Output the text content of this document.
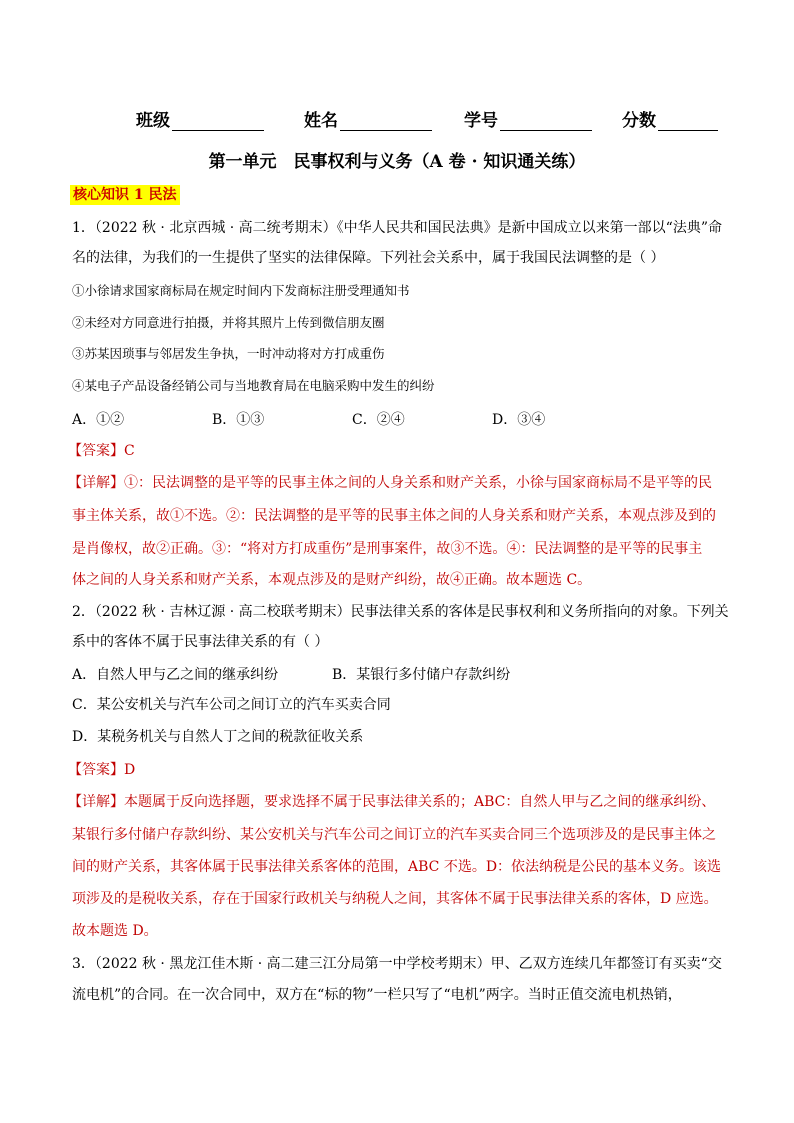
班级	姓名	学号	分数
第一单元　民事权利与义务（A 卷 · 知识通关练）
核心知识 1 民法
1．（2022 秋 · 北京西城 · 高二统考期末）《中华人民共和国民法典》是新中国成立以来第一部以“法典”命
名的法律，为我们的一生提供了坚实的法律保障。下列社会关系中，属于我国民法调整的是（ ）
①小徐请求国家商标局在规定时间内下发商标注册受理通知书
②未经对方同意进行拍摄，并将其照片上传到微信朋友圈
③苏某因琐事与邻居发生争执，一时冲动将对方打成重伤
④某电子产品设备经销公司与当地教育局在电脑采购中发生的纠纷
A．①②	B．①③	C．②④	D．③④
【答案】C
【详解】①：民法调整的是平等的民事主体之间的人身关系和财产关系，小徐与国家商标局不是平等的民
事主体关系，故①不选。②：民法调整的是平等的民事主体之间的人身关系和财产关系，本观点涉及到的
是肖像权，故②正确。③：“将对方打成重伤”是刑事案件，故③不选。④：民法调整的是平等的民事主
体之间的人身关系和财产关系，本观点涉及的是财产纠纷，故④正确。故本题选 C。
2．（2022 秋 · 吉林辽源 · 高二校联考期末）民事法律关系的客体是民事权利和义务所指向的对象。下列关
系中的客体不属于民事法律关系的有（ ）
A．自然人甲与乙之间的继承纠纷	B．某银行多付储户存款纠纷
C．某公安机关与汽车公司之间订立的汽车买卖合同
D．某税务机关与自然人丁之间的税款征收关系
【答案】D
【详解】本题属于反向选择题，要求选择不属于民事法律关系的；ABC：自然人甲与乙之间的继承纠纷、
某银行多付储户存款纠纷、某公安机关与汽车公司之间订立的汽车买卖合同三个选项涉及的是民事主体之
间的财产关系，其客体属于民事法律关系客体的范围，ABC 不选。D：依法纳税是公民的基本义务。该选
项涉及的是税收关系，存在于国家行政机关与纳税人之间，其客体不属于民事法律关系的客体，D 应选。
故本题选 D。
3．（2022 秋 · 黑龙江佳木斯 · 高二建三江分局第一中学校考期末）甲、乙双方连续几年都签订有买卖“交
流电机”的合同。在一次合同中，双方在“标的物”一栏只写了“电机”两字。当时正值交流电机热销，
